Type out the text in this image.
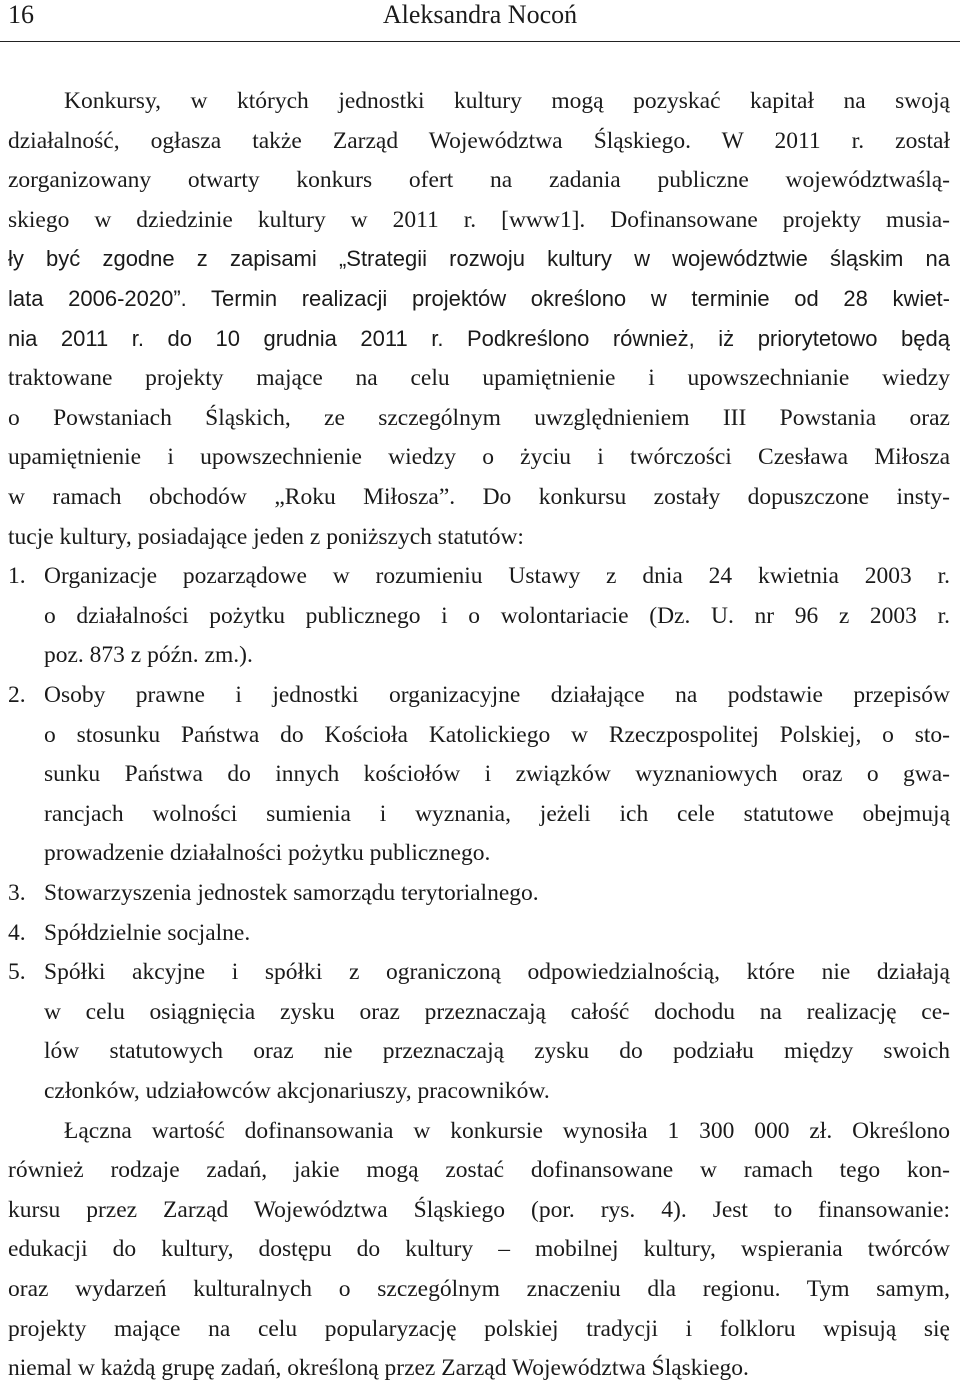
16	Aleksandra Nocoń
Konkursy, w których jednostki kultury mogą pozyskać kapitał na swoją
działalność, ogłasza także Zarząd Województwa Śląskiego. W 2011 r. został
zorganizowany otwarty konkurs ofert na zadania publiczne województwaślą-
skiego w dziedzinie kultury w 2011 r. [www1]. Dofinansowane projekty musia-
ły być zgodne z zapisami „Strategii rozwoju kultury w województwie śląskim na
lata 2006-2020”. Termin realizacji projektów określono w terminie od 28 kwiet-
nia 2011 r. do 10 grudnia 2011 r. Podkreślono również, iż priorytetowo będą
traktowane projekty mające na celu upamiętnienie i upowszechnianie wiedzy
o Powstaniach Śląskich, ze szczególnym uwzględnieniem III Powstania oraz
upamiętnienie i upowszechnienie wiedzy o życiu i twórczości Czesława Miłosza
w ramach obchodów „Roku Miłosza”. Do konkursu zostały dopuszczone insty-
tucje kultury, posiadające jeden z poniższych statutów:
1. Organizacje pozarządowe w rozumieniu Ustawy z dnia 24 kwietnia 2003 r.
o działalności pożytku publicznego i o wolontariacie (Dz. U. nr 96 z 2003 r.
poz. 873 z późn. zm.).
2. Osoby prawne i jednostki organizacyjne działające na podstawie przepisów
o stosunku Państwa do Kościoła Katolickiego w Rzeczpospolitej Polskiej, o sto-
sunku Państwa do innych kościołów i związków wyznaniowych oraz o gwa-
rancjach wolności sumienia i wyznania, jeżeli ich cele statutowe obejmują
prowadzenie działalności pożytku publicznego.
3. Stowarzyszenia jednostek samorządu terytorialnego.
4. Spółdzielnie socjalne.
5. Spółki akcyjne i spółki z ograniczoną odpowiedzialnością, które nie działają
w celu osiągnięcia zysku oraz przeznaczają całość dochodu na realizację ce-
lów statutowych oraz nie przeznaczają zysku do podziału między swoich
członków, udziałowców akcjonariuszy, pracowników.
Łączna wartość dofinansowania w konkursie wynosiła 1 300 000 zł. Określono
również rodzaje zadań, jakie mogą zostać dofinansowane w ramach tego kon-
kursu przez Zarząd Województwa Śląskiego (por. rys. 4). Jest to finansowanie:
edukacji do kultury, dostępu do kultury – mobilnej kultury, wspierania twórców
oraz wydarzeń kulturalnych o szczególnym znaczeniu dla regionu. Tym samym,
projekty mające na celu popularyzację polskiej tradycji i folkloru wpisują się
niemal w każdą grupę zadań, określoną przez Zarząd Województwa Śląskiego.
